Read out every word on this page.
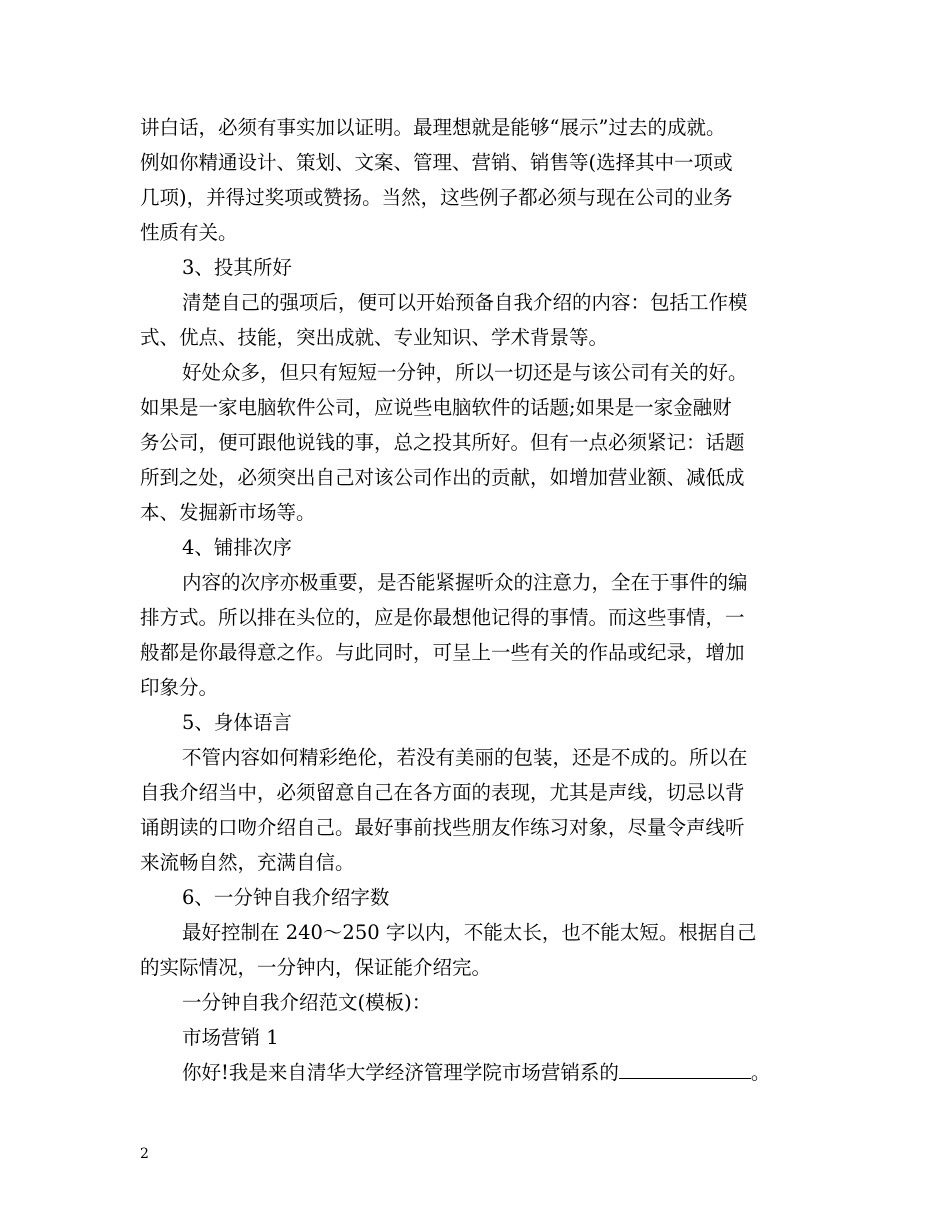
讲白话，必须有事实加以证明。最理想就是能够“展示”过去的成就。
例如你精通设计、策划、文案、管理、营销、销售等(选择其中一项或
几项)，并得过奖项或赞扬。当然，这些例子都必须与现在公司的业务
性质有关。
3、投其所好
清楚自己的强项后，便可以开始预备自我介绍的内容：包括工作模
式、优点、技能，突出成就、专业知识、学术背景等。
好处众多，但只有短短一分钟，所以一切还是与该公司有关的好。
如果是一家电脑软件公司，应说些电脑软件的话题;如果是一家金融财
务公司，便可跟他说钱的事，总之投其所好。但有一点必须紧记：话题
所到之处，必须突出自己对该公司作出的贡献，如增加营业额、减低成
本、发掘新市场等。
4、铺排次序
内容的次序亦极重要，是否能紧握听众的注意力，全在于事件的编
排方式。所以排在头位的，应是你最想他记得的事情。而这些事情，一
般都是你最得意之作。与此同时，可呈上一些有关的作品或纪录，增加
印象分。
5、身体语言
不管内容如何精彩绝伦，若没有美丽的包装，还是不成的。所以在
自我介绍当中，必须留意自己在各方面的表现，尤其是声线，切忌以背
诵朗读的口吻介绍自己。最好事前找些朋友作练习对象，尽量令声线听
来流畅自然，充满自信。
6、一分钟自我介绍字数
最好控制在 240～250 字以内，不能太长，也不能太短。根据自己
的实际情况，一分钟内，保证能介绍完。
一分钟自我介绍范文(模板)：
市场营销 1
你好!我是来自清华大学经济管理学院市场营销系的	。
2
